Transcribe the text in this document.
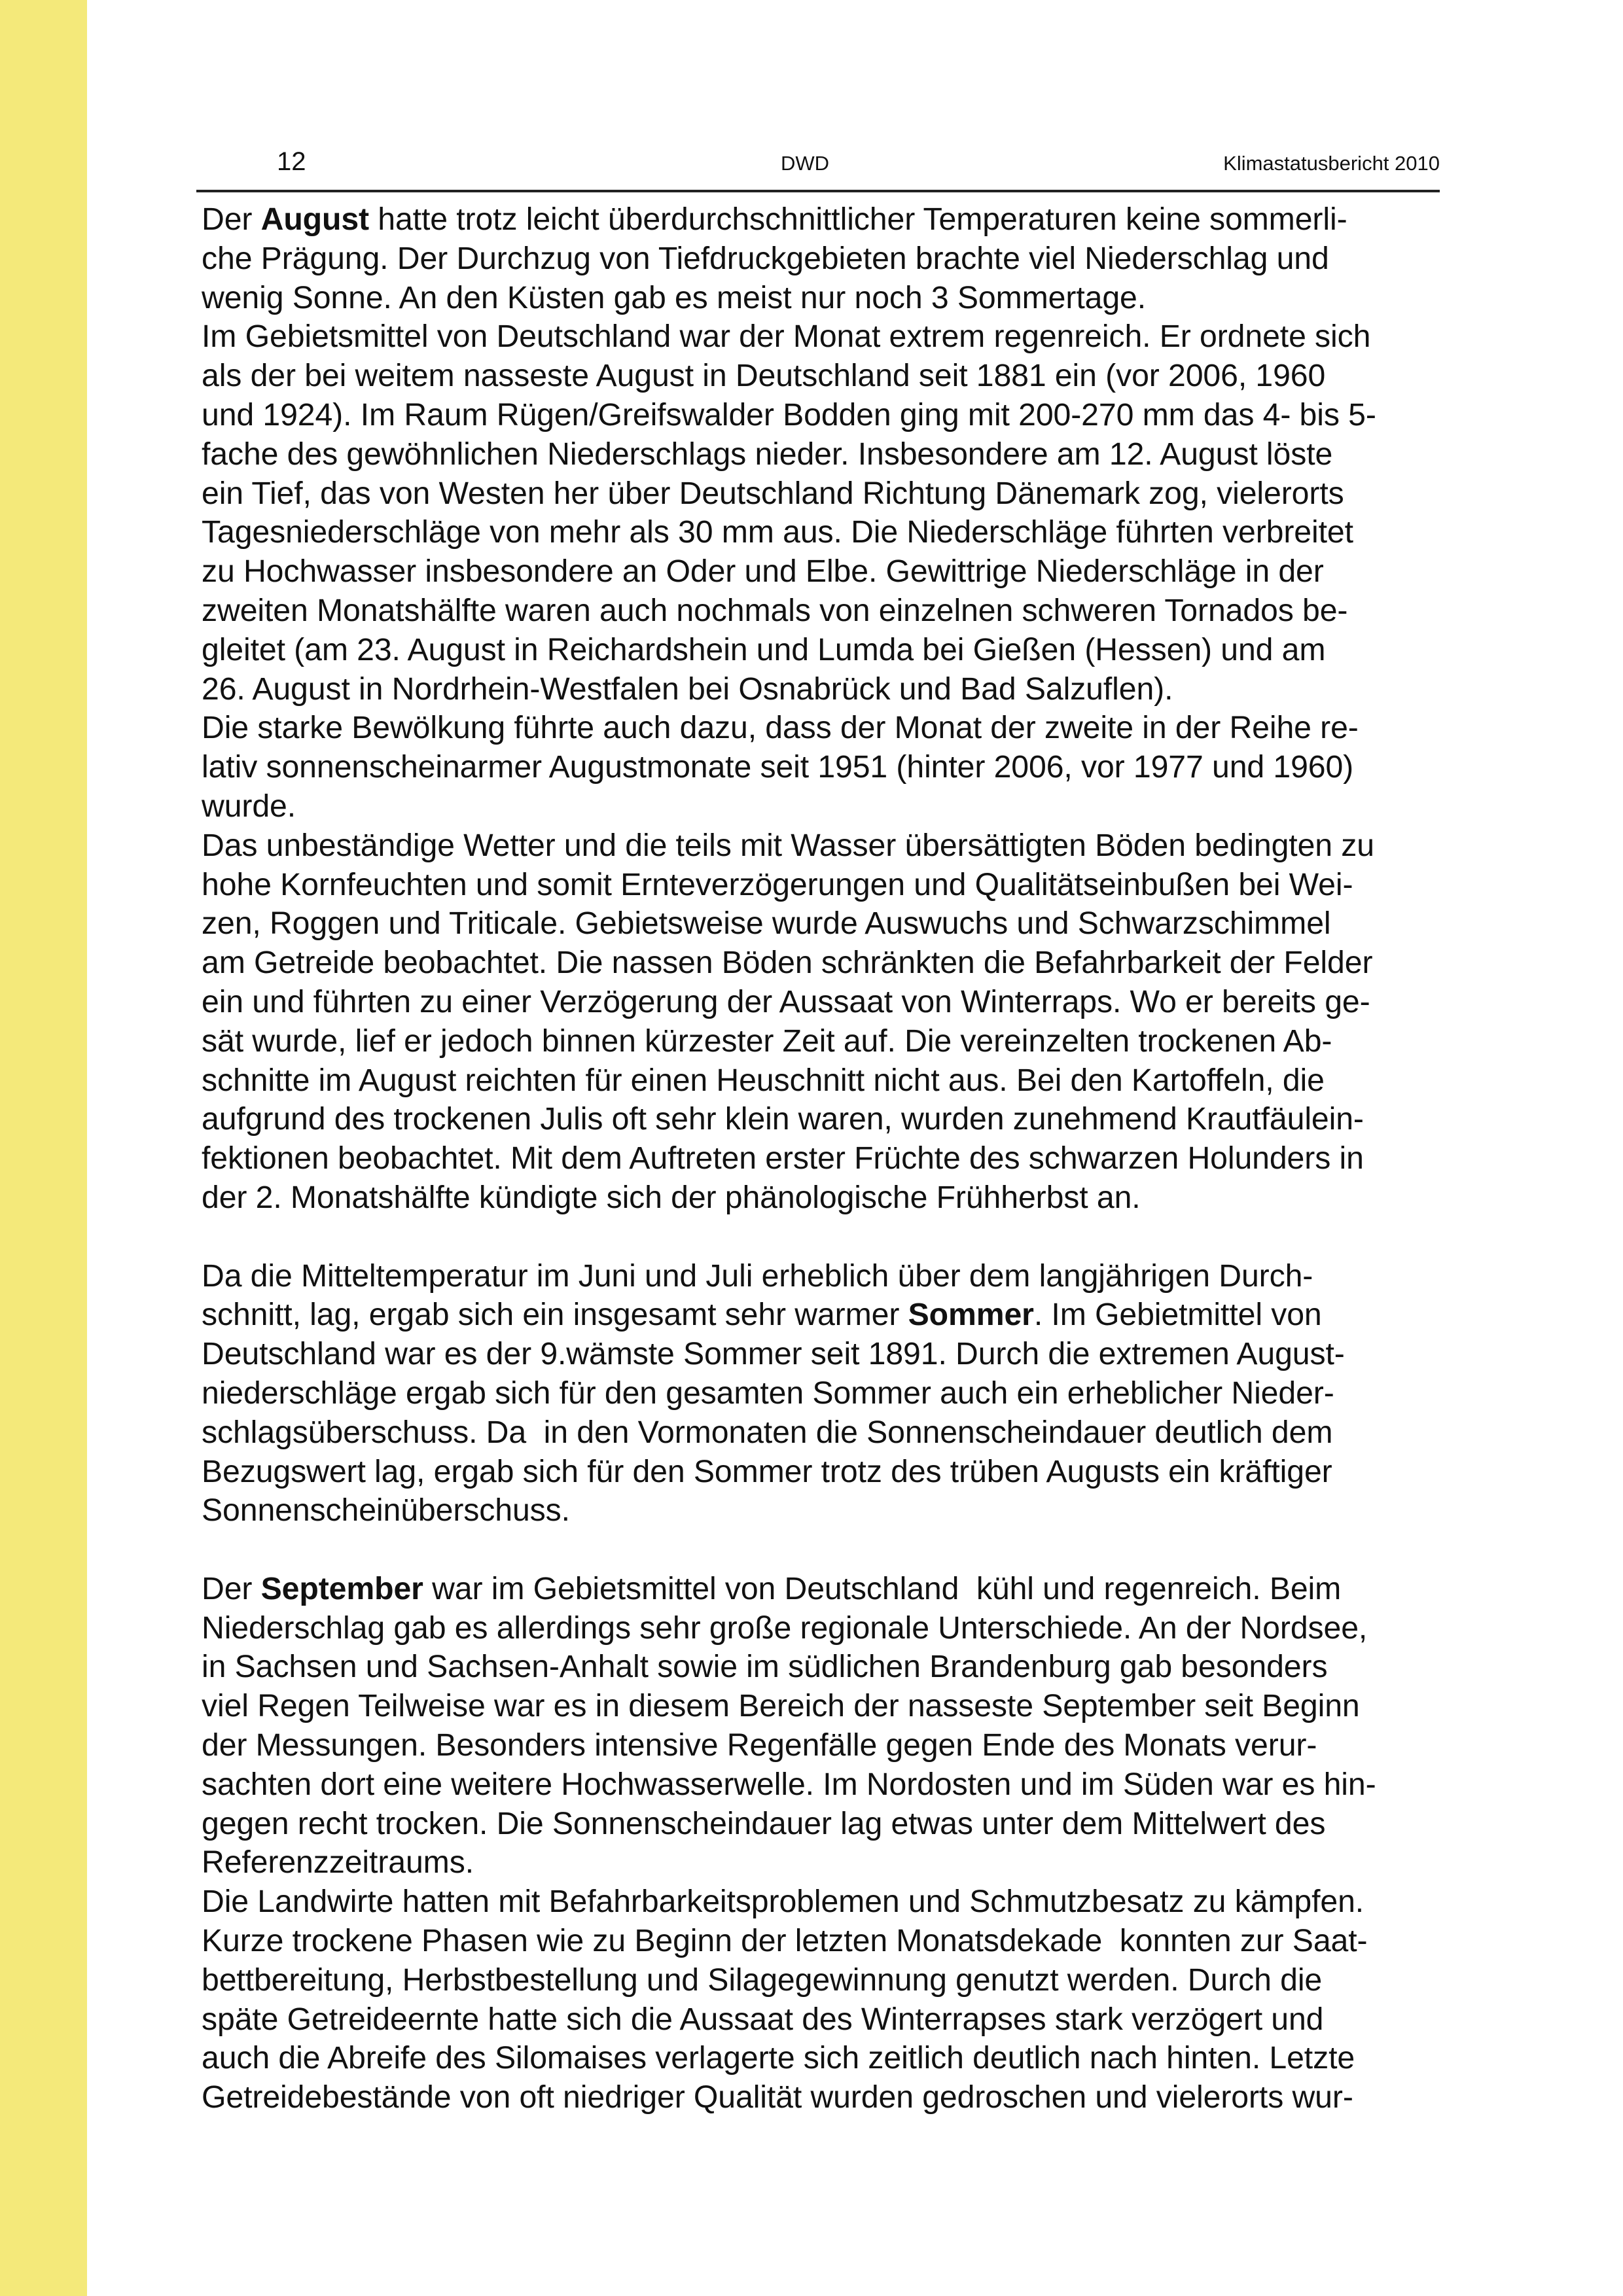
12	DWD	Klimastatusbericht 2010
Der August hatte trotz leicht überdurchschnittlicher Temperaturen keine sommerli-
che Prägung. Der Durchzug von Tiefdruckgebieten brachte viel Niederschlag und
wenig Sonne. An den Küsten gab es meist nur noch 3 Sommertage.
Im Gebietsmittel von Deutschland war der Monat extrem regenreich. Er ordnete sich
als der bei weitem nasseste August in Deutschland seit 1881 ein (vor 2006, 1960
und 1924). Im Raum Rügen/Greifswalder Bodden ging mit 200-270 mm das 4- bis 5-
fache des gewöhnlichen Niederschlags nieder. Insbesondere am 12. August löste
ein Tief, das von Westen her über Deutschland Richtung Dänemark zog, vielerorts
Tagesniederschläge von mehr als 30 mm aus. Die Niederschläge führten verbreitet
zu Hochwasser insbesondere an Oder und Elbe. Gewittrige Niederschläge in der
zweiten Monatshälfte waren auch nochmals von einzelnen schweren Tornados be-
gleitet (am 23. August in Reichardshein und Lumda bei Gießen (Hessen) und am
26. August in Nordrhein-Westfalen bei Osnabrück und Bad Salzuflen).
Die starke Bewölkung führte auch dazu, dass der Monat der zweite in der Reihe re-
lativ sonnenscheinarmer Augustmonate seit 1951 (hinter 2006, vor 1977 und 1960)
wurde.
Das unbeständige Wetter und die teils mit Wasser übersättigten Böden bedingten zu
hohe Kornfeuchten und somit Ernteverzögerungen und Qualitätseinbußen bei Wei-
zen, Roggen und Triticale. Gebietsweise wurde Auswuchs und Schwarzschimmel
am Getreide beobachtet. Die nassen Böden schränkten die Befahrbarkeit der Felder
ein und führten zu einer Verzögerung der Aussaat von Winterraps. Wo er bereits ge-
sät wurde, lief er jedoch binnen kürzester Zeit auf. Die vereinzelten trockenen Ab-
schnitte im August reichten für einen Heuschnitt nicht aus. Bei den Kartoffeln, die
aufgrund des trockenen Julis oft sehr klein waren, wurden zunehmend Krautfäulein-
fektionen beobachtet. Mit dem Auftreten erster Früchte des schwarzen Holunders in
der 2. Monatshälfte kündigte sich der phänologische Frühherbst an.
Da die Mitteltemperatur im Juni und Juli erheblich über dem langjährigen Durch-
schnitt, lag, ergab sich ein insgesamt sehr warmer Sommer. Im Gebietmittel von
Deutschland war es der 9.wämste Sommer seit 1891. Durch die extremen August-
niederschläge ergab sich für den gesamten Sommer auch ein erheblicher Nieder-
schlagsüberschuss. Da  in den Vormonaten die Sonnenscheindauer deutlich dem
Bezugswert lag, ergab sich für den Sommer trotz des trüben Augusts ein kräftiger
Sonnenscheinüberschuss.
Der September war im Gebietsmittel von Deutschland  kühl und regenreich. Beim
Niederschlag gab es allerdings sehr große regionale Unterschiede. An der Nordsee,
in Sachsen und Sachsen-Anhalt sowie im südlichen Brandenburg gab besonders
viel Regen Teilweise war es in diesem Bereich der nasseste September seit Beginn
der Messungen. Besonders intensive Regenfälle gegen Ende des Monats verur-
sachten dort eine weitere Hochwasserwelle. Im Nordosten und im Süden war es hin-
gegen recht trocken. Die Sonnenscheindauer lag etwas unter dem Mittelwert des
Referenzzeitraums.
Die Landwirte hatten mit Befahrbarkeitsproblemen und Schmutzbesatz zu kämpfen.
Kurze trockene Phasen wie zu Beginn der letzten Monatsdekade  konnten zur Saat-
bettbereitung, Herbstbestellung und Silagegewinnung genutzt werden. Durch die
späte Getreideernte hatte sich die Aussaat des Winterrapses stark verzögert und
auch die Abreife des Silomaises verlagerte sich zeitlich deutlich nach hinten. Letzte
Getreidebestände von oft niedriger Qualität wurden gedroschen und vielerorts wur-
